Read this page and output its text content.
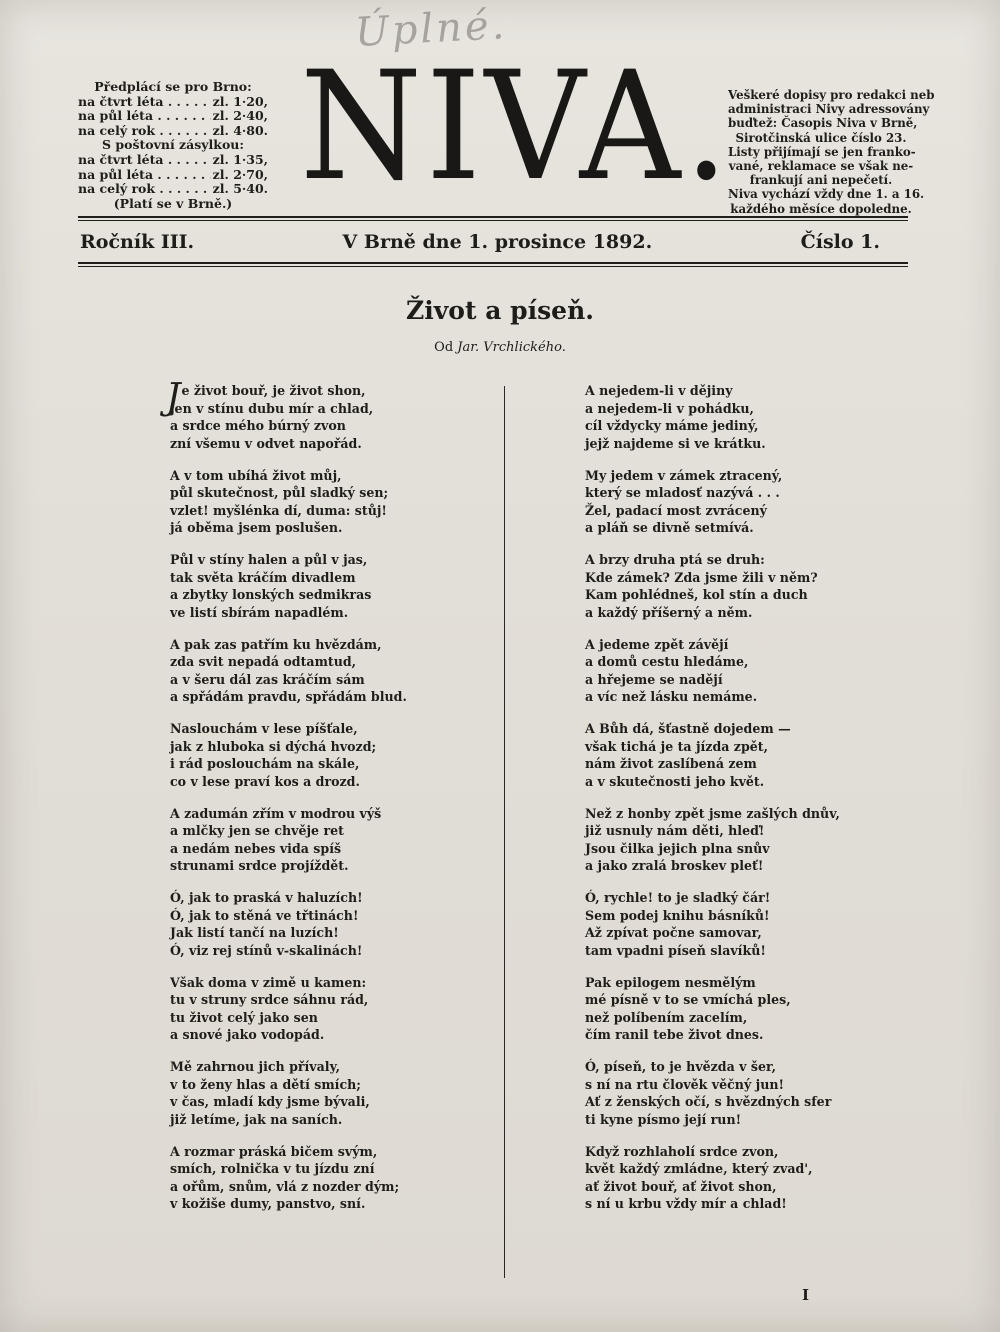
Úplné.
Předplácí se pro Brno:
na čtvrt léta . . .	zl. 1·20,
na půl léta . . .	zl. 2·40,
na celý rok . . .	zl. 4·80.
S poštovní zásylkou:
na čtvrt léta . . .	zl. 1·35,
na půl léta . . .	zl. 2·70,
na celý rok . . .	zl. 5·40.
(Platí se v Brně.) NIVA.
Veškeré dopisy pro redakci neb
administraci Nivy adressovány
buďtež: Časopis Niva v Brně,
Sirotčinská ulice číslo 23.
Listy přijímají se jen franko-
vané, reklamace se však ne-
frankují ani nepečetí.
Niva vychází vždy dne 1. a 16.
každého měsíce dopoledne.
Ročník III.	V Brně dne 1. prosince 1892.	Číslo 1.
Život a píseň.
Od Jar. Vrchlického.
Je život bouř, je život shon,
jen v stínu dubu mír a chlad,
a srdce mého búrný zvon
zní všemu v odvet napořád.
A v tom ubíhá život můj,
půl skutečnost, půl sladký sen;
vzlet! myšlénka dí, duma: stůj!
já oběma jsem poslušen.
Půl v stíny halen a půl v jas,
tak světa kráčím divadlem
a zbytky lonských sedmikras
ve listí sbírám napadlém.
A pak zas patřím ku hvězdám,
zda svit nepadá odtamtud,
a v šeru dál zas kráčím sám
a spřádám pravdu, spřádám blud.
Naslouchám v lese píšťale,
jak z hluboka si dýchá hvozd;
i rád poslouchám na skále,
co v lese praví kos a drozd.
A zadumán zřím v modrou výš
a mlčky jen se chvěje ret
a nedám nebes vida spíš
strunami srdce projíždět.
Ó, jak to praská v haluzích!
Ó, jak to stěná ve třtinách!
Jak listí tančí na luzích!
Ó, viz rej stínů v-skalinách!
Však doma v zimě u kamen:
tu v struny srdce sáhnu rád,
tu život celý jako sen
a snové jako vodopád.
Mě zahrnou jich přívaly,
v to ženy hlas a dětí smích;
v čas, mladí kdy jsme bývali,
již letíme, jak na saních.
A rozmar práská bičem svým,
smích, rolnička v tu jízdu zní
a ořům, snům, vlá z nozder dým;
v kožiše dumy, panstvo, sní.
A nejedem-li v dějiny
a nejedem-li v pohádku,
cíl vždycky máme jediný,
jejž najdeme si ve krátku.
My jedem v zámek ztracený,
který se mladosť nazývá . . .
Žel, padací most zvrácený
a pláň se divně setmívá.
A brzy druha ptá se druh:
Kde zámek? Zda jsme žili v něm?
Kam pohlédneš, kol stín a duch
a každý příšerný a něm.
A jedeme zpět závějí
a domů cestu hledáme,
a hřejeme se nadějí
a víc než lásku nemáme.
A Bůh dá, šťastně dojedem —
však tichá je ta jízda zpět,
nám život zaslíbená zem
a v skutečnosti jeho květ.
Než z honby zpět jsme zašlých dnův,
již usnuly nám děti, hleď!
Jsou čilka jejich plna snův
a jako zralá broskev pleť!
Ó, rychle! to je sladký čár!
Sem podej knihu básníků!
Až zpívat počne samovar,
tam vpadni píseň slavíků!
Pak epilogem nesmělým
mé písně v to se vmíchá ples,
než políbením zacelím,
čím ranil tebe život dnes.
Ó, píseň, to je hvězda v šer,
s ní na rtu člověk věčný jun!
Ať z ženských očí, s hvězdných sfer
ti kyne písmo její run!
Když rozhlaholí srdce zvon,
květ každý zmládne, který zvad',
ať život bouř, ať život shon,
s ní u krbu vždy mír a chlad!
I
